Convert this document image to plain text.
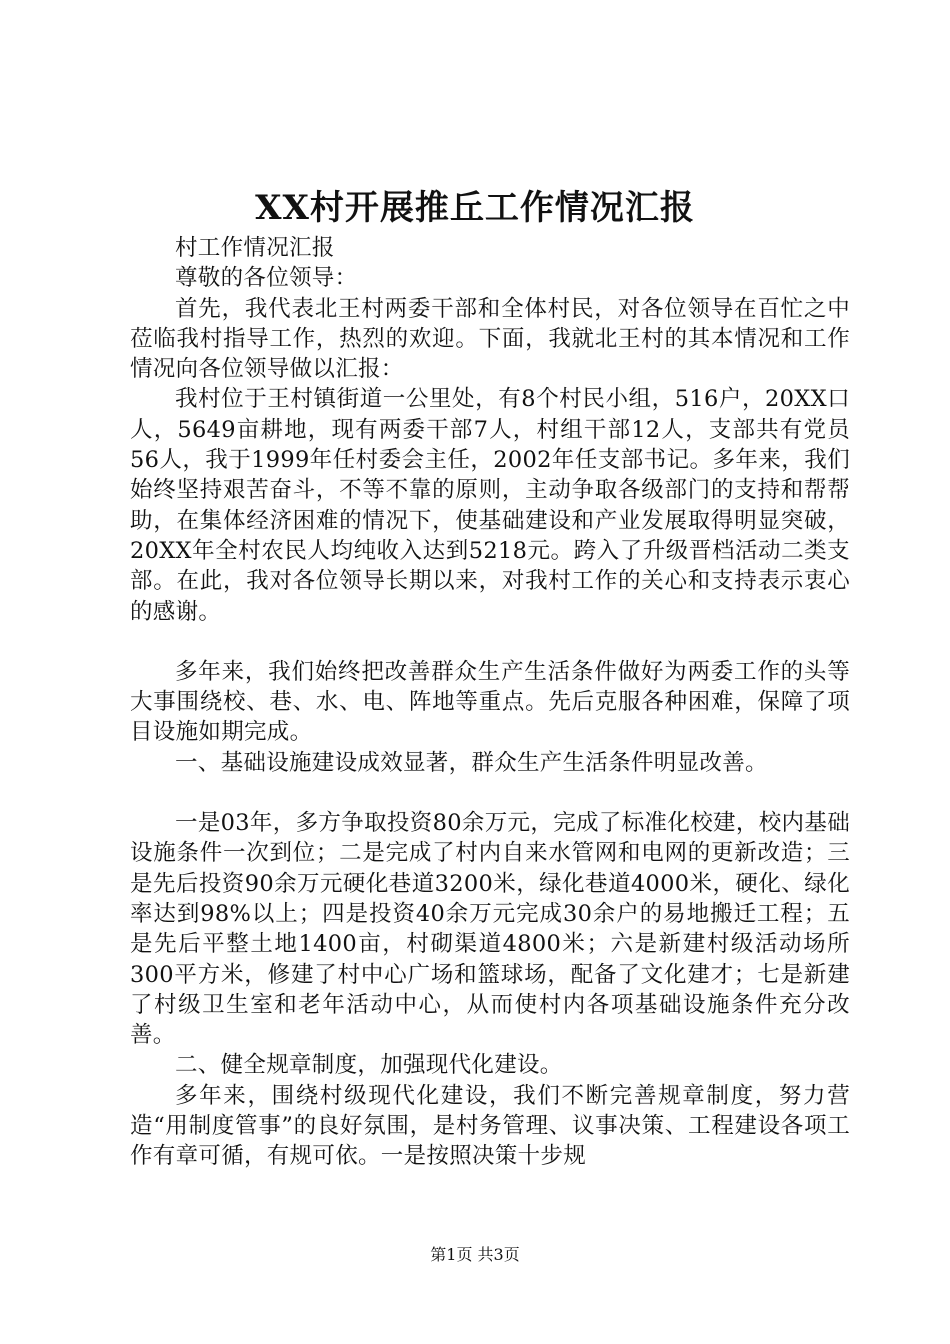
XX村开展推丘工作情况汇报

村工作情况汇报

尊敬的各位领导：

首先，我代表北王村两委干部和全体村民，对各位领导在百忙之中莅临我村指导工作，热烈的欢迎。下面，我就北王村的其本情况和工作情况向各位领导做以汇报：

我村位于王村镇街道一公里处，有8个村民小组，516户，20XX口人，5649亩耕地，现有两委干部7人，村组干部12人，支部共有党员56人，我于1999年任村委会主任，2002年任支部书记。多年来，我们始终坚持艰苦奋斗，不等不靠的原则，主动争取各级部门的支持和帮帮助，在集体经济困难的情况下，使基础建设和产业发展取得明显突破，20XX年全村农民人均纯收入达到5218元。跨入了升级晋档活动二类支部。在此，我对各位领导长期以来，对我村工作的关心和支持表示衷心的感谢。

多年来，我们始终把改善群众生产生活条件做好为两委工作的头等大事围绕校、巷、水、电、阵地等重点。先后克服各种困难，保障了项目设施如期完成。

一、基础设施建设成效显著，群众生产生活条件明显改善。

一是03年，多方争取投资80余万元，完成了标准化校建，校内基础设施条件一次到位；二是完成了村内自来水管网和电网的更新改造；三是先后投资90余万元硬化巷道3200米，绿化巷道4000米，硬化、绿化率达到98%以上；四是投资40余万元完成30余户的易地搬迁工程；五是先后平整土地1400亩，村砌渠道4800米；六是新建村级活动场所300平方米，修建了村中心广场和篮球场，配备了文化建才；七是新建了村级卫生室和老年活动中心，从而使村内各项基础设施条件充分改善。

二、健全规章制度，加强现代化建设。

多年来，围绕村级现代化建设，我们不断完善规章制度，努力营造“用制度管事”的良好氛围，是村务管理、议事决策、工程建设各项工作有章可循，有规可依。一是按照决策十步规

第1页 共3页
